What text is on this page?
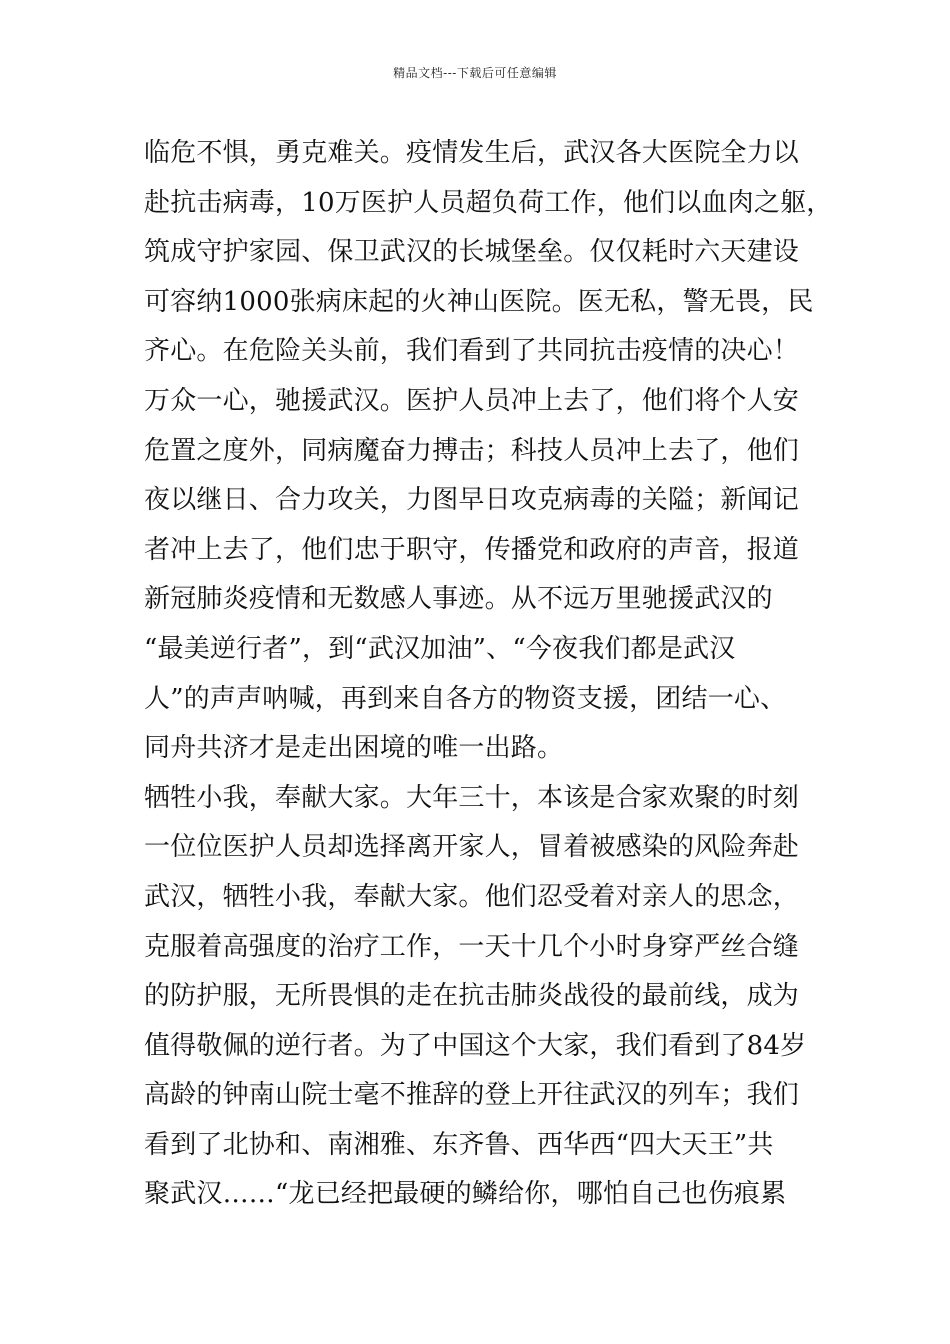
精品文档---下载后可任意编辑
临危不惧，勇克难关。疫情发生后，武汉各大医院全力以
赴抗击病毒，10万医护人员超负荷工作，他们以血肉之躯，
筑成守护家园、保卫武汉的长城堡垒。仅仅耗时六天建设
可容纳1000张病床起的火神山医院。医无私，警无畏，民
齐心。在危险关头前，我们看到了共同抗击疫情的决心！
万众一心，驰援武汉。医护人员冲上去了，他们将个人安
危置之度外，同病魔奋力搏击；科技人员冲上去了，他们
夜以继日、合力攻关，力图早日攻克病毒的关隘；新闻记
者冲上去了，他们忠于职守，传播党和政府的声音，报道
新冠肺炎疫情和无数感人事迹。从不远万里驰援武汉的
“最美逆行者”，到“武汉加油”、“今夜我们都是武汉
人”的声声呐喊，再到来自各方的物资支援，团结一心、
同舟共济才是走出困境的唯一出路。
牺牲小我，奉献大家。大年三十，本该是合家欢聚的时刻
一位位医护人员却选择离开家人，冒着被感染的风险奔赴
武汉，牺牲小我，奉献大家。他们忍受着对亲人的思念，
克服着高强度的治疗工作，一天十几个小时身穿严丝合缝
的防护服，无所畏惧的走在抗击肺炎战役的最前线，成为
值得敬佩的逆行者。为了中国这个大家，我们看到了84岁
高龄的钟南山院士毫不推辞的登上开往武汉的列车；我们
看到了北协和、南湘雅、东齐鲁、西华西“四大天王”共
聚武汉……“龙已经把最硬的鳞给你，哪怕自己也伤痕累
